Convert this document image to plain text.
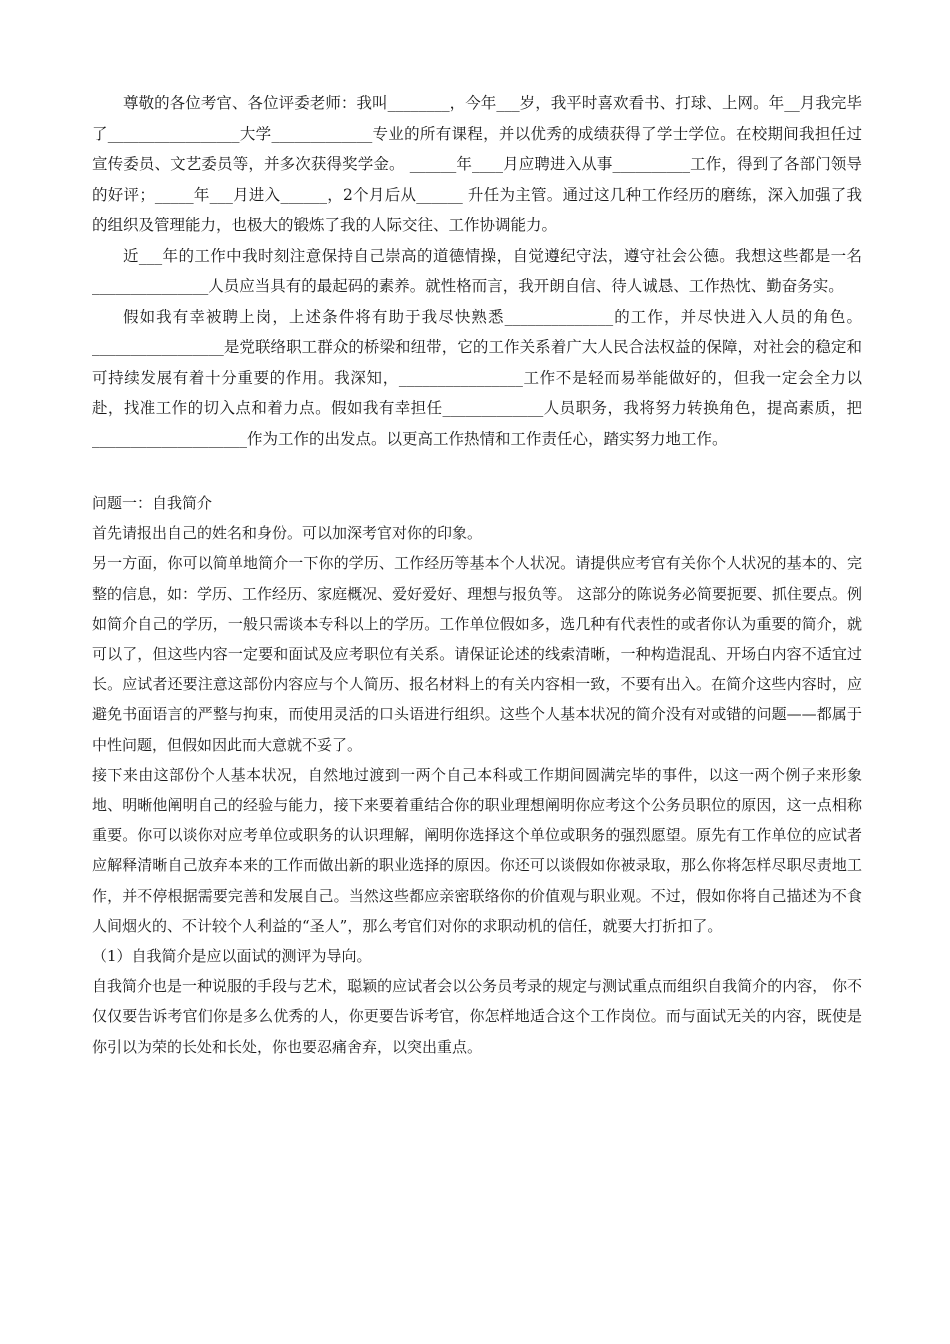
尊敬的各位考官、各位评委老师：我叫________，今年___岁，我平时喜欢看书、打球、上网。年__月我完毕了_________________大学_____________专业的所有课程，并以优秀的成绩获得了学士学位。在校期间我担任过宣传委员、文艺委员等，并多次获得奖学金。 ______年____月应聘进入从事__________工作，得到了各部门领导的好评；_____年___月进入______，2个月后从______ 升任为主管。通过这几种工作经历的磨练，深入加强了我的组织及管理能力，也极大的锻炼了我的人际交往、工作协调能力。

近___年的工作中我时刻注意保持自己崇高的道德情操，自觉遵纪守法，遵守社会公德。我想这些都是一名_______________人员应当具有的最起码的素养。就性格而言，我开朗自信、待人诚恳、工作热忱、勤奋务实。

假如我有幸被聘上岗，上述条件将有助于我尽快熟悉______________的工作，并尽快进入人员的角色。_________________是党联络职工群众的桥梁和纽带，它的工作关系着广大人民合法权益的保障，对社会的稳定和可持续发展有着十分重要的作用。我深知，________________工作不是轻而易举能做好的，但我一定会全力以赴，找准工作的切入点和着力点。假如我有幸担任_____________人员职务，我将努力转换角色，提高素质，把____________________作为工作的出发点。以更高工作热情和工作责任心，踏实努力地工作。

问题一：自我简介

首先请报出自己的姓名和身份。可以加深考官对你的印象。

另一方面，你可以简单地简介一下你的学历、工作经历等基本个人状况。请提供应考官有关你个人状况的基本的、完整的信息，如：学历、工作经历、家庭概况、爱好爱好、理想与报负等。 这部分的陈说务必简要扼要、抓住要点。例如简介自己的学历，一般只需谈本专科以上的学历。工作单位假如多，选几种有代表性的或者你认为重要的简介，就可以了，但这些内容一定要和面试及应考职位有关系。请保证论述的线索清晰，一种构造混乱、开场白内容不适宜过长。应试者还要注意这部份内容应与个人简历、报名材料上的有关内容相一致，不要有出入。在简介这些内容时，应避免书面语言的严整与拘束，而使用灵活的口头语进行组织。这些个人基本状况的简介没有对或错的问题——都属于中性问题，但假如因此而大意就不妥了。

接下来由这部份个人基本状况，自然地过渡到一两个自己本科或工作期间圆满完毕的事件，以这一两个例子来形象地、明晰他阐明自己的经验与能力，接下来要着重结合你的职业理想阐明你应考这个公务员职位的原因，这一点相称重要。你可以谈你对应考单位或职务的认识理解，阐明你选择这个单位或职务的强烈愿望。原先有工作单位的应试者应解释清晰自己放弃本来的工作而做出新的职业选择的原因。你还可以谈假如你被录取，那么你将怎样尽职尽责地工作，并不停根据需要完善和发展自己。当然这些都应亲密联络你的价值观与职业观。不过，假如你将自己描述为不食人间烟火的、不计较个人利益的“圣人”，那么考官们对你的求职动机的信任，就要大打折扣了。

（1）自我简介是应以面试的测评为导向。

自我简介也是一种说服的手段与艺术，聪颖的应试者会以公务员考录的规定与测试重点而组织自我简介的内容， 你不仅仅要告诉考官们你是多么优秀的人，你更要告诉考官，你怎样地适合这个工作岗位。而与面试无关的内容，既使是你引以为荣的长处和长处，你也要忍痛舍弃，以突出重点。
